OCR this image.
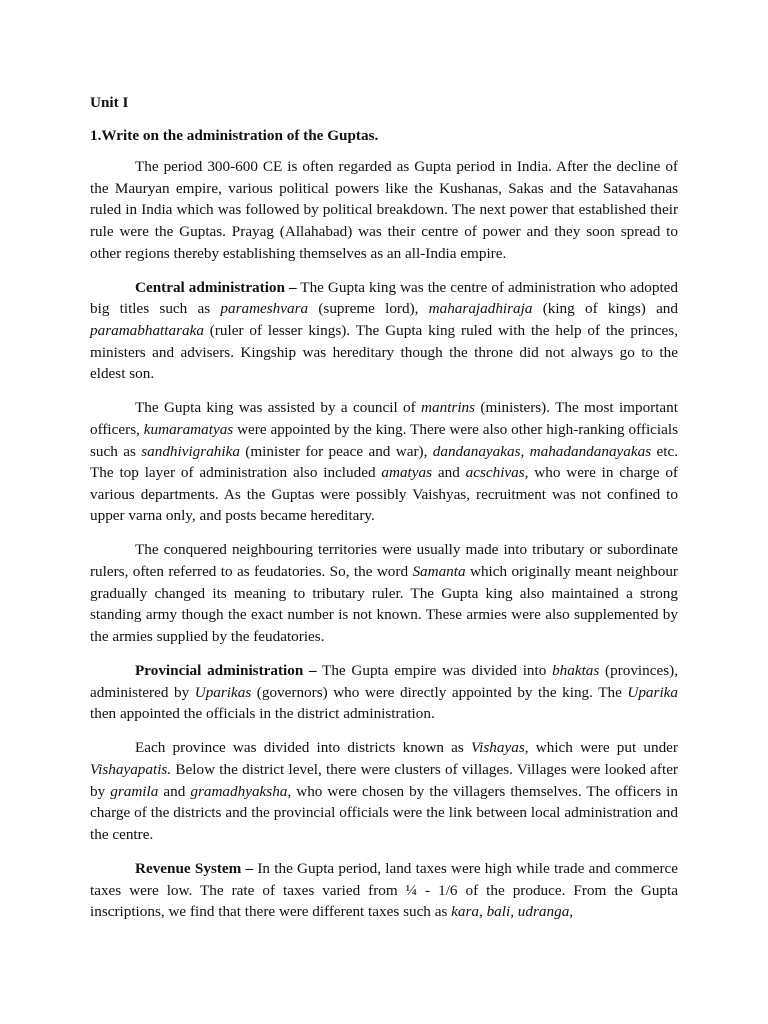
Unit I

1.Write on the administration of the Guptas.

The period 300-600 CE is often regarded as Gupta period in India. After the decline of the Mauryan empire, various political powers like the Kushanas, Sakas and the Satavahanas ruled in India which was followed by political breakdown. The next power that established their rule were the Guptas. Prayag (Allahabad) was their centre of power and they soon spread to other regions thereby establishing themselves as an all-India empire.

Central administration – The Gupta king was the centre of administration who adopted big titles such as parameshvara (supreme lord), maharajadhiraja (king of kings) and paramabhattaraka (ruler of lesser kings). The Gupta king ruled with the help of the princes, ministers and advisers. Kingship was hereditary though the throne did not always go to the eldest son.

The Gupta king was assisted by a council of mantrins (ministers). The most important officers, kumaramatyas were appointed by the king. There were also other high-ranking officials such as sandhivigrahika (minister for peace and war), dandanayakas, mahadandanayakas etc. The top layer of administration also included amatyas and acschivas, who were in charge of various departments. As the Guptas were possibly Vaishyas, recruitment was not confined to upper varna only, and posts became hereditary.

The conquered neighbouring territories were usually made into tributary or subordinate rulers, often referred to as feudatories. So, the word Samanta which originally meant neighbour gradually changed its meaning to tributary ruler. The Gupta king also maintained a strong standing army though the exact number is not known. These armies were also supplemented by the armies supplied by the feudatories.

Provincial administration – The Gupta empire was divided into bhaktas (provinces), administered by Uparikas (governors) who were directly appointed by the king. The Uparika then appointed the officials in the district administration.

Each province was divided into districts known as Vishayas, which were put under Vishayapatis. Below the district level, there were clusters of villages. Villages were looked after by gramila and gramadhyaksha, who were chosen by the villagers themselves. The officers in charge of the districts and the provincial officials were the link between local administration and the centre.

Revenue System – In the Gupta period, land taxes were high while trade and commerce taxes were low. The rate of taxes varied from ¼ - 1/6 of the produce. From the Gupta inscriptions, we find that there were different taxes such as kara, bali, udranga,
